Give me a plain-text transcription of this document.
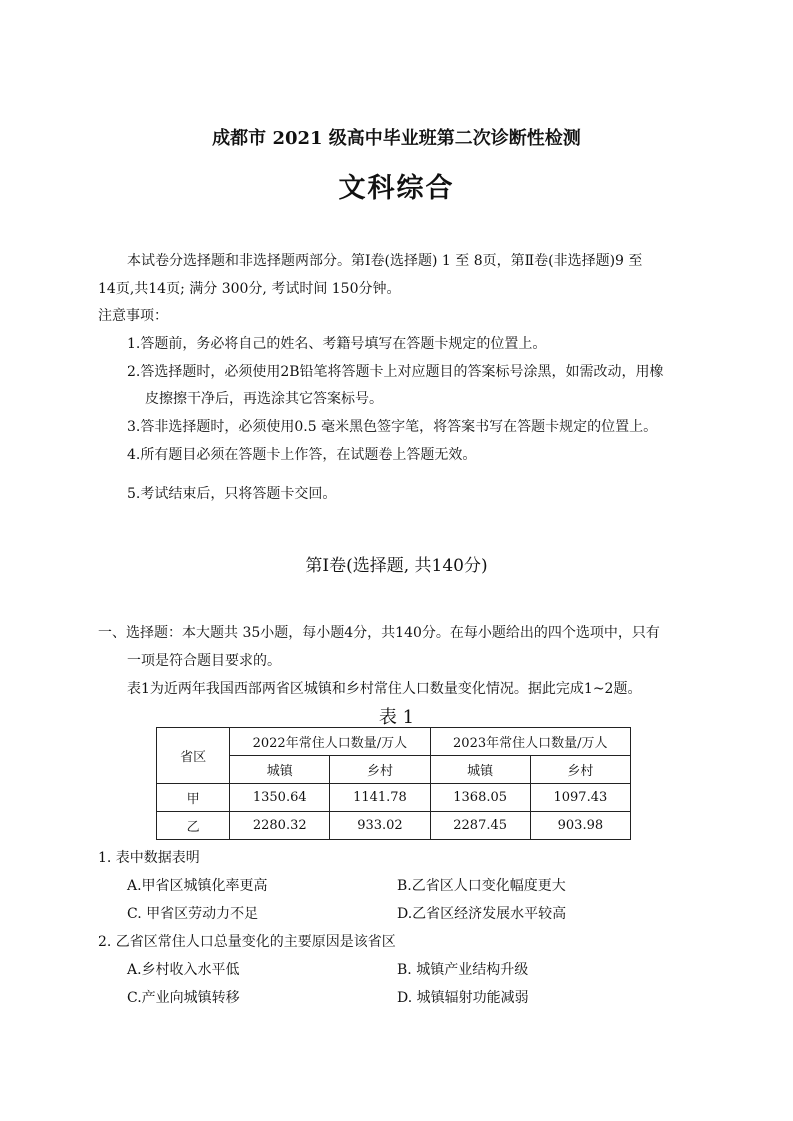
成都市 2021 级高中毕业班第二次诊断性检测
文科综合
本试卷分选择题和非选择题两部分。第Ⅰ卷(选择题) 1 至 8页，第Ⅱ卷(非选择题)9 至
14页,共14页; 满分 300分, 考试时间 150分钟。
注意事项：
1.答题前，务必将自己的姓名、考籍号填写在答题卡规定的位置上。
2.答选择题时，必须使用2B铅笔将答题卡上对应题目的答案标号涂黑，如需改动，用橡
皮擦擦干净后，再选涂其它答案标号。
3.答非选择题时，必须使用0.5 毫米黑色签字笔，将答案书写在答题卡规定的位置上。
4.所有题目必须在答题卡上作答，在试题卷上答题无效。
5.考试结束后，只将答题卡交回。
第Ⅰ卷(选择题, 共140分)
一、选择题：本大题共 35小题，每小题4分，共140分。在每小题给出的四个选项中，只有
一项是符合题目要求的。
表1为近两年我国西部两省区城镇和乡村常住人口数量变化情况。据此完成1~2题。
表 1
省区	2022年常住人口数量/万人		2023年常住人口数量/万人	
	城镇	乡村	城镇	乡村
甲	1350.64	1141.78	1368.05	1097.43
乙	2280.32	933.02	2287.45	903.98
1. 表中数据表明
A.甲省区城镇化率更高	B.乙省区人口变化幅度更大
C. 甲省区劳动力不足	D.乙省区经济发展水平较高
2. 乙省区常住人口总量变化的主要原因是该省区
A.乡村收入水平低	B. 城镇产业结构升级
C.产业向城镇转移	D. 城镇辐射功能减弱
